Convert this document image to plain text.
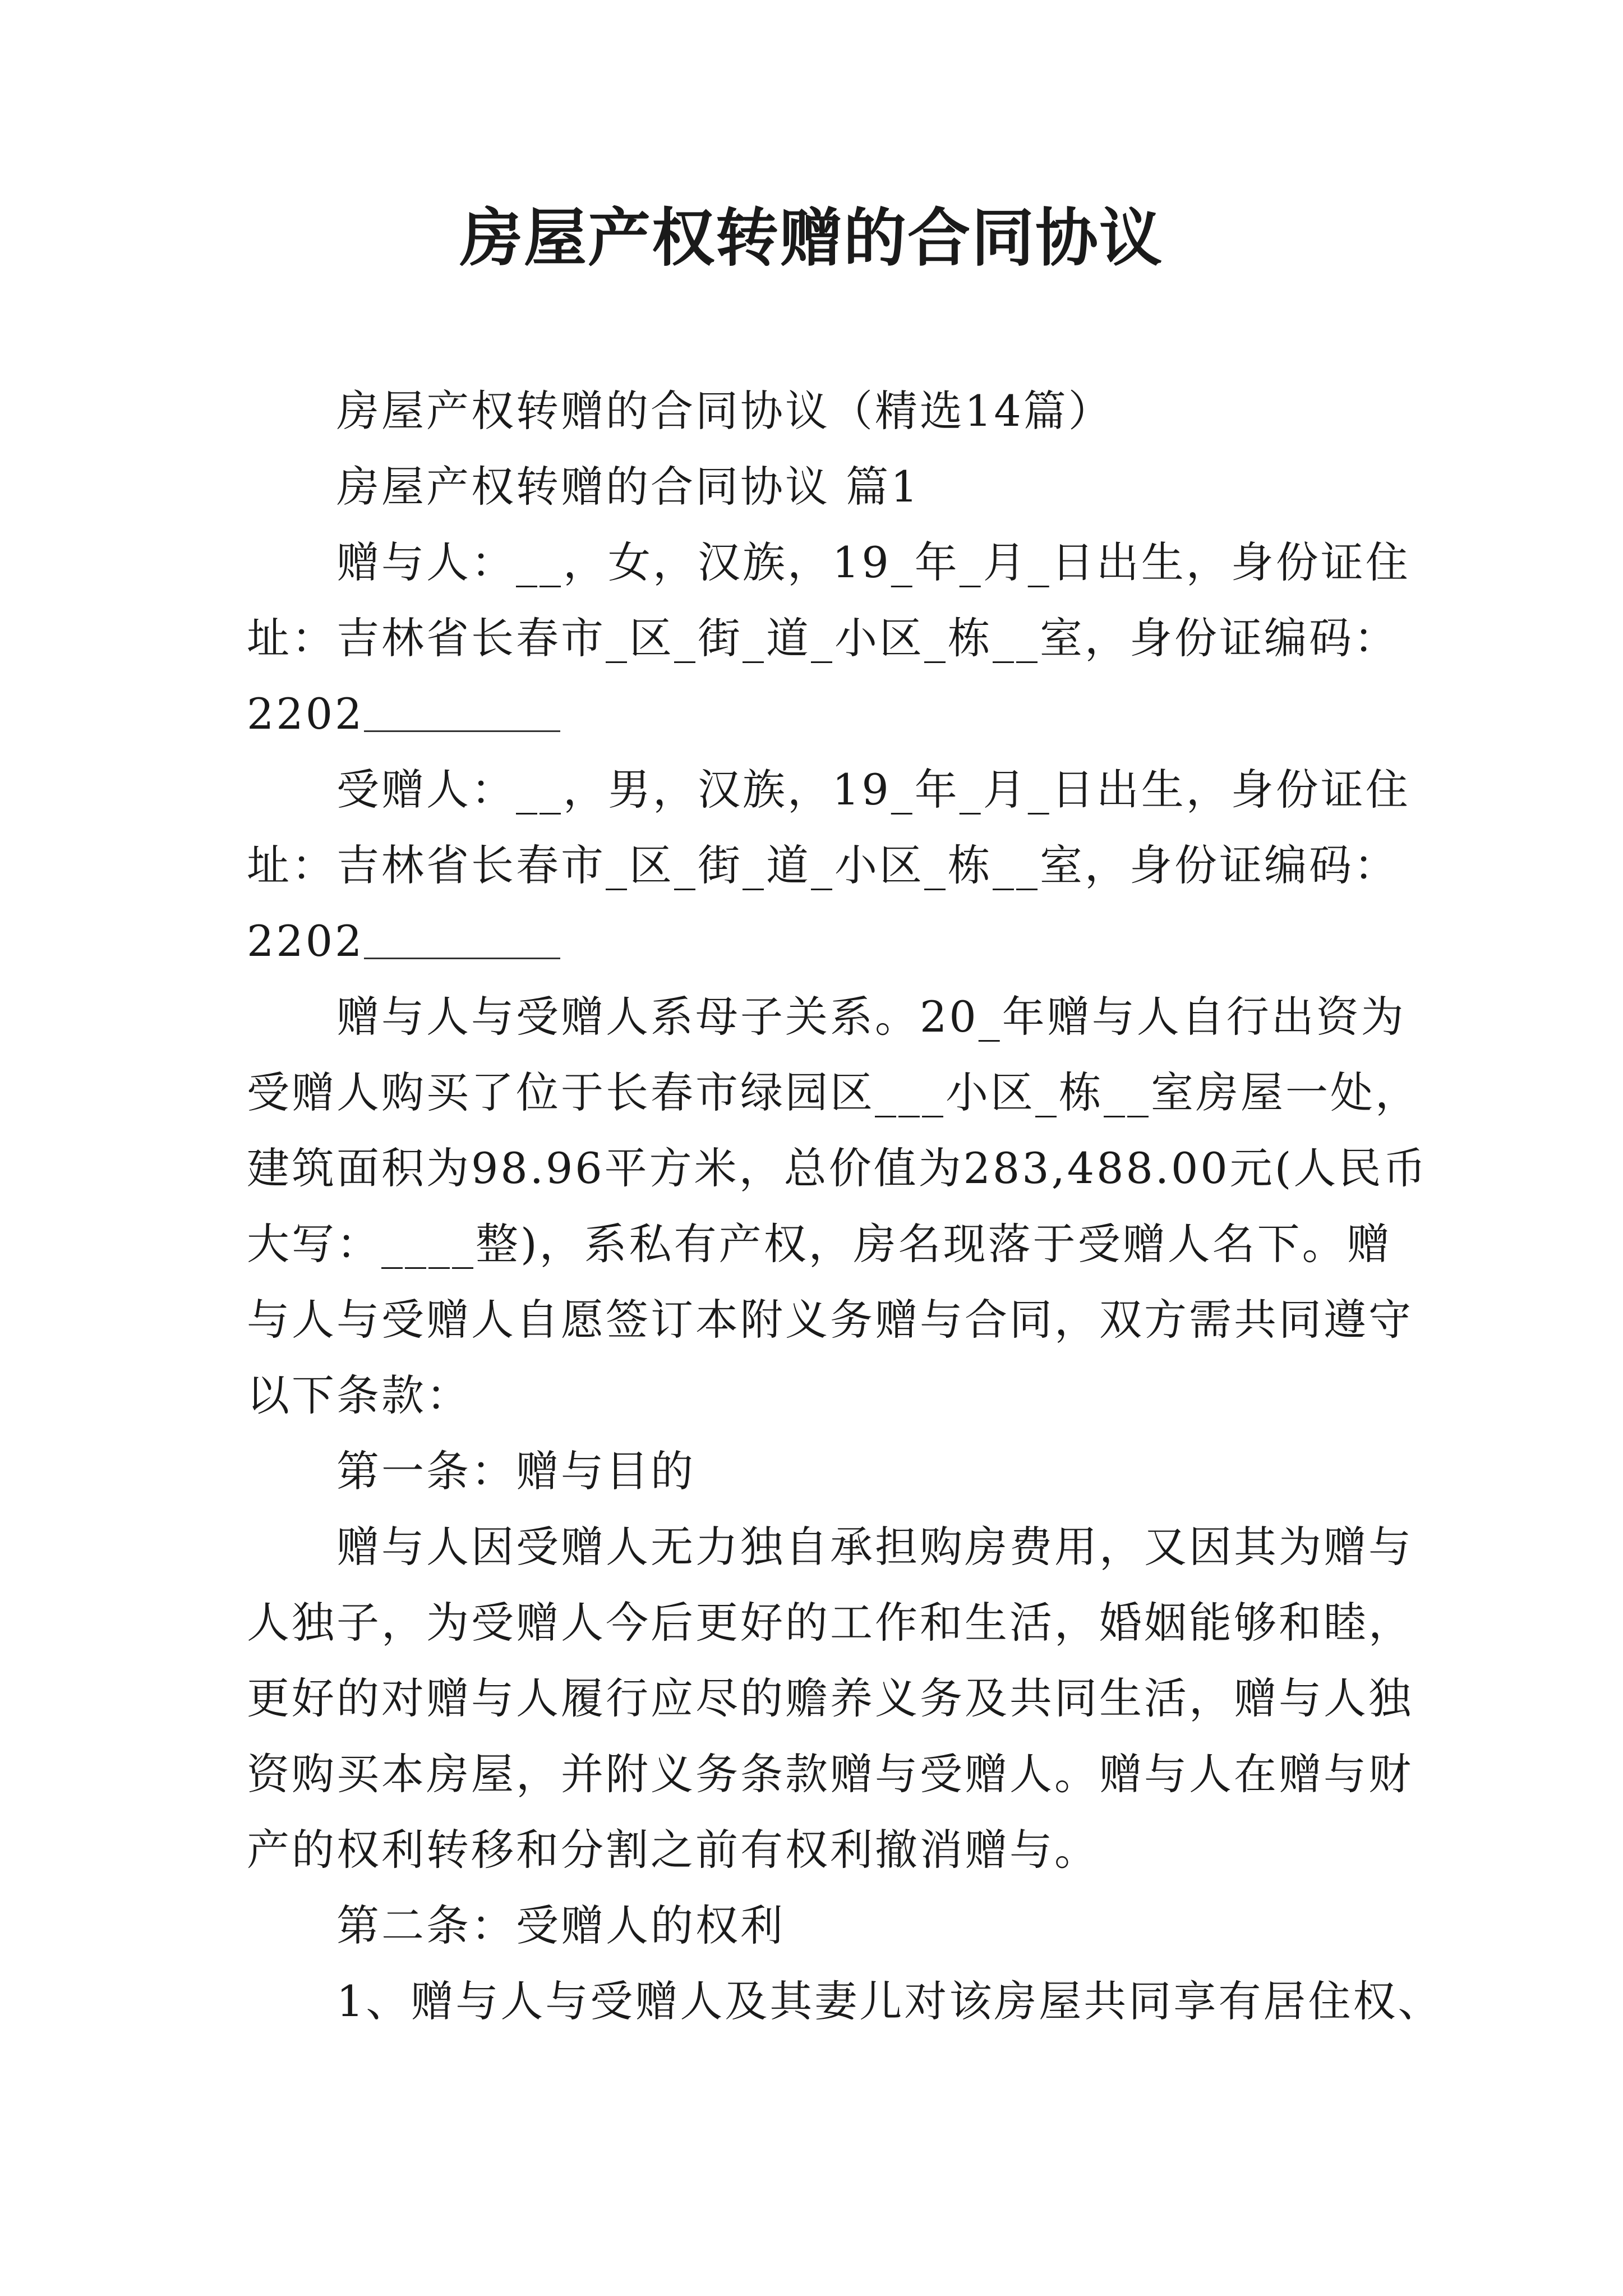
房屋产权转赠的合同协议
房屋产权转赠的合同协议（精选14篇）
房屋产权转赠的合同协议 篇1
赠与人：__，女，汉族，19_年_月_日出生，身份证住
址：吉林省长春市_区_街_道_小区_栋__室，身份证编码：
2202
受赠人：__，男，汉族，19_年_月_日出生，身份证住
址：吉林省长春市_区_街_道_小区_栋__室，身份证编码：
2202
赠与人与受赠人系母子关系。20_年赠与人自行出资为
受赠人购买了位于长春市绿园区___小区_栋__室房屋一处，
建筑面积为98.96平方米，总价值为283,488.00元(人民币
大写：____整)，系私有产权，房名现落于受赠人名下。赠
与人与受赠人自愿签订本附义务赠与合同，双方需共同遵守
以下条款：
第一条：赠与目的
赠与人因受赠人无力独自承担购房费用，又因其为赠与
人独子，为受赠人今后更好的工作和生活，婚姻能够和睦，
更好的对赠与人履行应尽的赡养义务及共同生活，赠与人独
资购买本房屋，并附义务条款赠与受赠人。赠与人在赠与财
产的权利转移和分割之前有权利撤消赠与。
第二条：受赠人的权利
1、赠与人与受赠人及其妻儿对该房屋共同享有居住权、
